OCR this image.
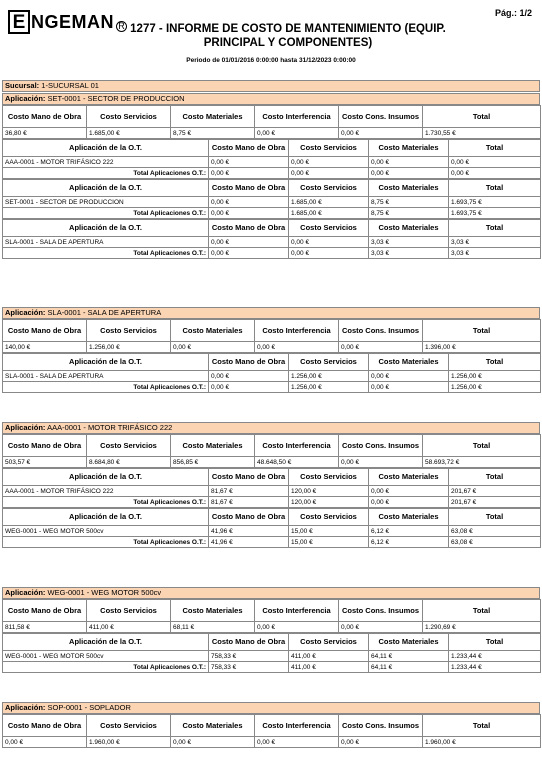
E NGEMAN R 1277 - INFORME DE COSTO DE MANTENIMIENTO (EQUIP.
PRINCIPAL Y COMPONENTES)
Pág.: 1/2
Periodo de 01/01/2016 0:00:00 hasta 31/12/2023 0:00:00
Sucursal: 1-SUCURSAL 01
Aplicación: SET-0001 - SECTOR DE PRODUCCION
Costo Mano de Obra	Costo Servicios	Costo Materiales	Costo Interferencia	Costo Cons. Insumos	Total
36,80 €	1.685,00 €	8,75 €	0,00 €	0,00 €	1.730,55 €
Aplicación de la O.T.	Costo Mano de Obra	Costo Servicios	Costo Materiales	Total
AAA-0001 - MOTOR TRIFÁSICO 222	0,00 €	0,00 €	0,00 €	0,00 €
Total Aplicaciones O.T.:	0,00 €	0,00 €	0,00 €	0,00 €
Aplicación de la O.T.	Costo Mano de Obra	Costo Servicios	Costo Materiales	Total
SET-0001 - SECTOR DE PRODUCCION	0,00 €	1.685,00 €	8,75 €	1.693,75 €
Total Aplicaciones O.T.:	0,00 €	1.685,00 €	8,75 €	1.693,75 €
Aplicación de la O.T.	Costo Mano de Obra	Costo Servicios	Costo Materiales	Total
SLA-0001 - SALA DE APERTURA	0,00 €	0,00 €	3,03 €	3,03 €
Total Aplicaciones O.T.:	0,00 €	0,00 €	3,03 €	3,03 €
Aplicación: SLA-0001 - SALA DE APERTURA
Costo Mano de Obra	Costo Servicios	Costo Materiales	Costo Interferencia	Costo Cons. Insumos	Total
140,00 €	1.256,00 €	0,00 €	0,00 €	0,00 €	1.396,00 €
Aplicación de la O.T.	Costo Mano de Obra	Costo Servicios	Costo Materiales	Total
SLA-0001 - SALA DE APERTURA	0,00 €	1.256,00 €	0,00 €	1.256,00 €
Total Aplicaciones O.T.:	0,00 €	1.256,00 €	0,00 €	1.256,00 €
Aplicación: AAA-0001 - MOTOR TRIFÁSICO 222
Costo Mano de Obra	Costo Servicios	Costo Materiales	Costo Interferencia	Costo Cons. Insumos	Total
503,57 €	8.684,80 €	856,85 €	48.648,50 €	0,00 €	58.693,72 €
Aplicación de la O.T.	Costo Mano de Obra	Costo Servicios	Costo Materiales	Total
AAA-0001 - MOTOR TRIFÁSICO 222	81,67 €	120,00 €	0,00 €	201,67 €
Total Aplicaciones O.T.:	81,67 €	120,00 €	0,00 €	201,67 €
Aplicación de la O.T.	Costo Mano de Obra	Costo Servicios	Costo Materiales	Total
WEG-0001 - WEG MOTOR 500cv	41,96 €	15,00 €	6,12 €	63,08 €
Total Aplicaciones O.T.:	41,96 €	15,00 €	6,12 €	63,08 €
Aplicación: WEG-0001 - WEG MOTOR 500cv
Costo Mano de Obra	Costo Servicios	Costo Materiales	Costo Interferencia	Costo Cons. Insumos	Total
811,58 €	411,00 €	68,11 €	0,00 €	0,00 €	1.290,69 €
Aplicación de la O.T.	Costo Mano de Obra	Costo Servicios	Costo Materiales	Total
WEG-0001 - WEG MOTOR 500cv	758,33 €	411,00 €	64,11 €	1.233,44 €
Total Aplicaciones O.T.:	758,33 €	411,00 €	64,11 €	1.233,44 €
Aplicación: SOP-0001 - SOPLADOR
Costo Mano de Obra	Costo Servicios	Costo Materiales	Costo Interferencia	Costo Cons. Insumos	Total
0,00 €	1.960,00 €	0,00 €	0,00 €	0,00 €	1.960,00 €
